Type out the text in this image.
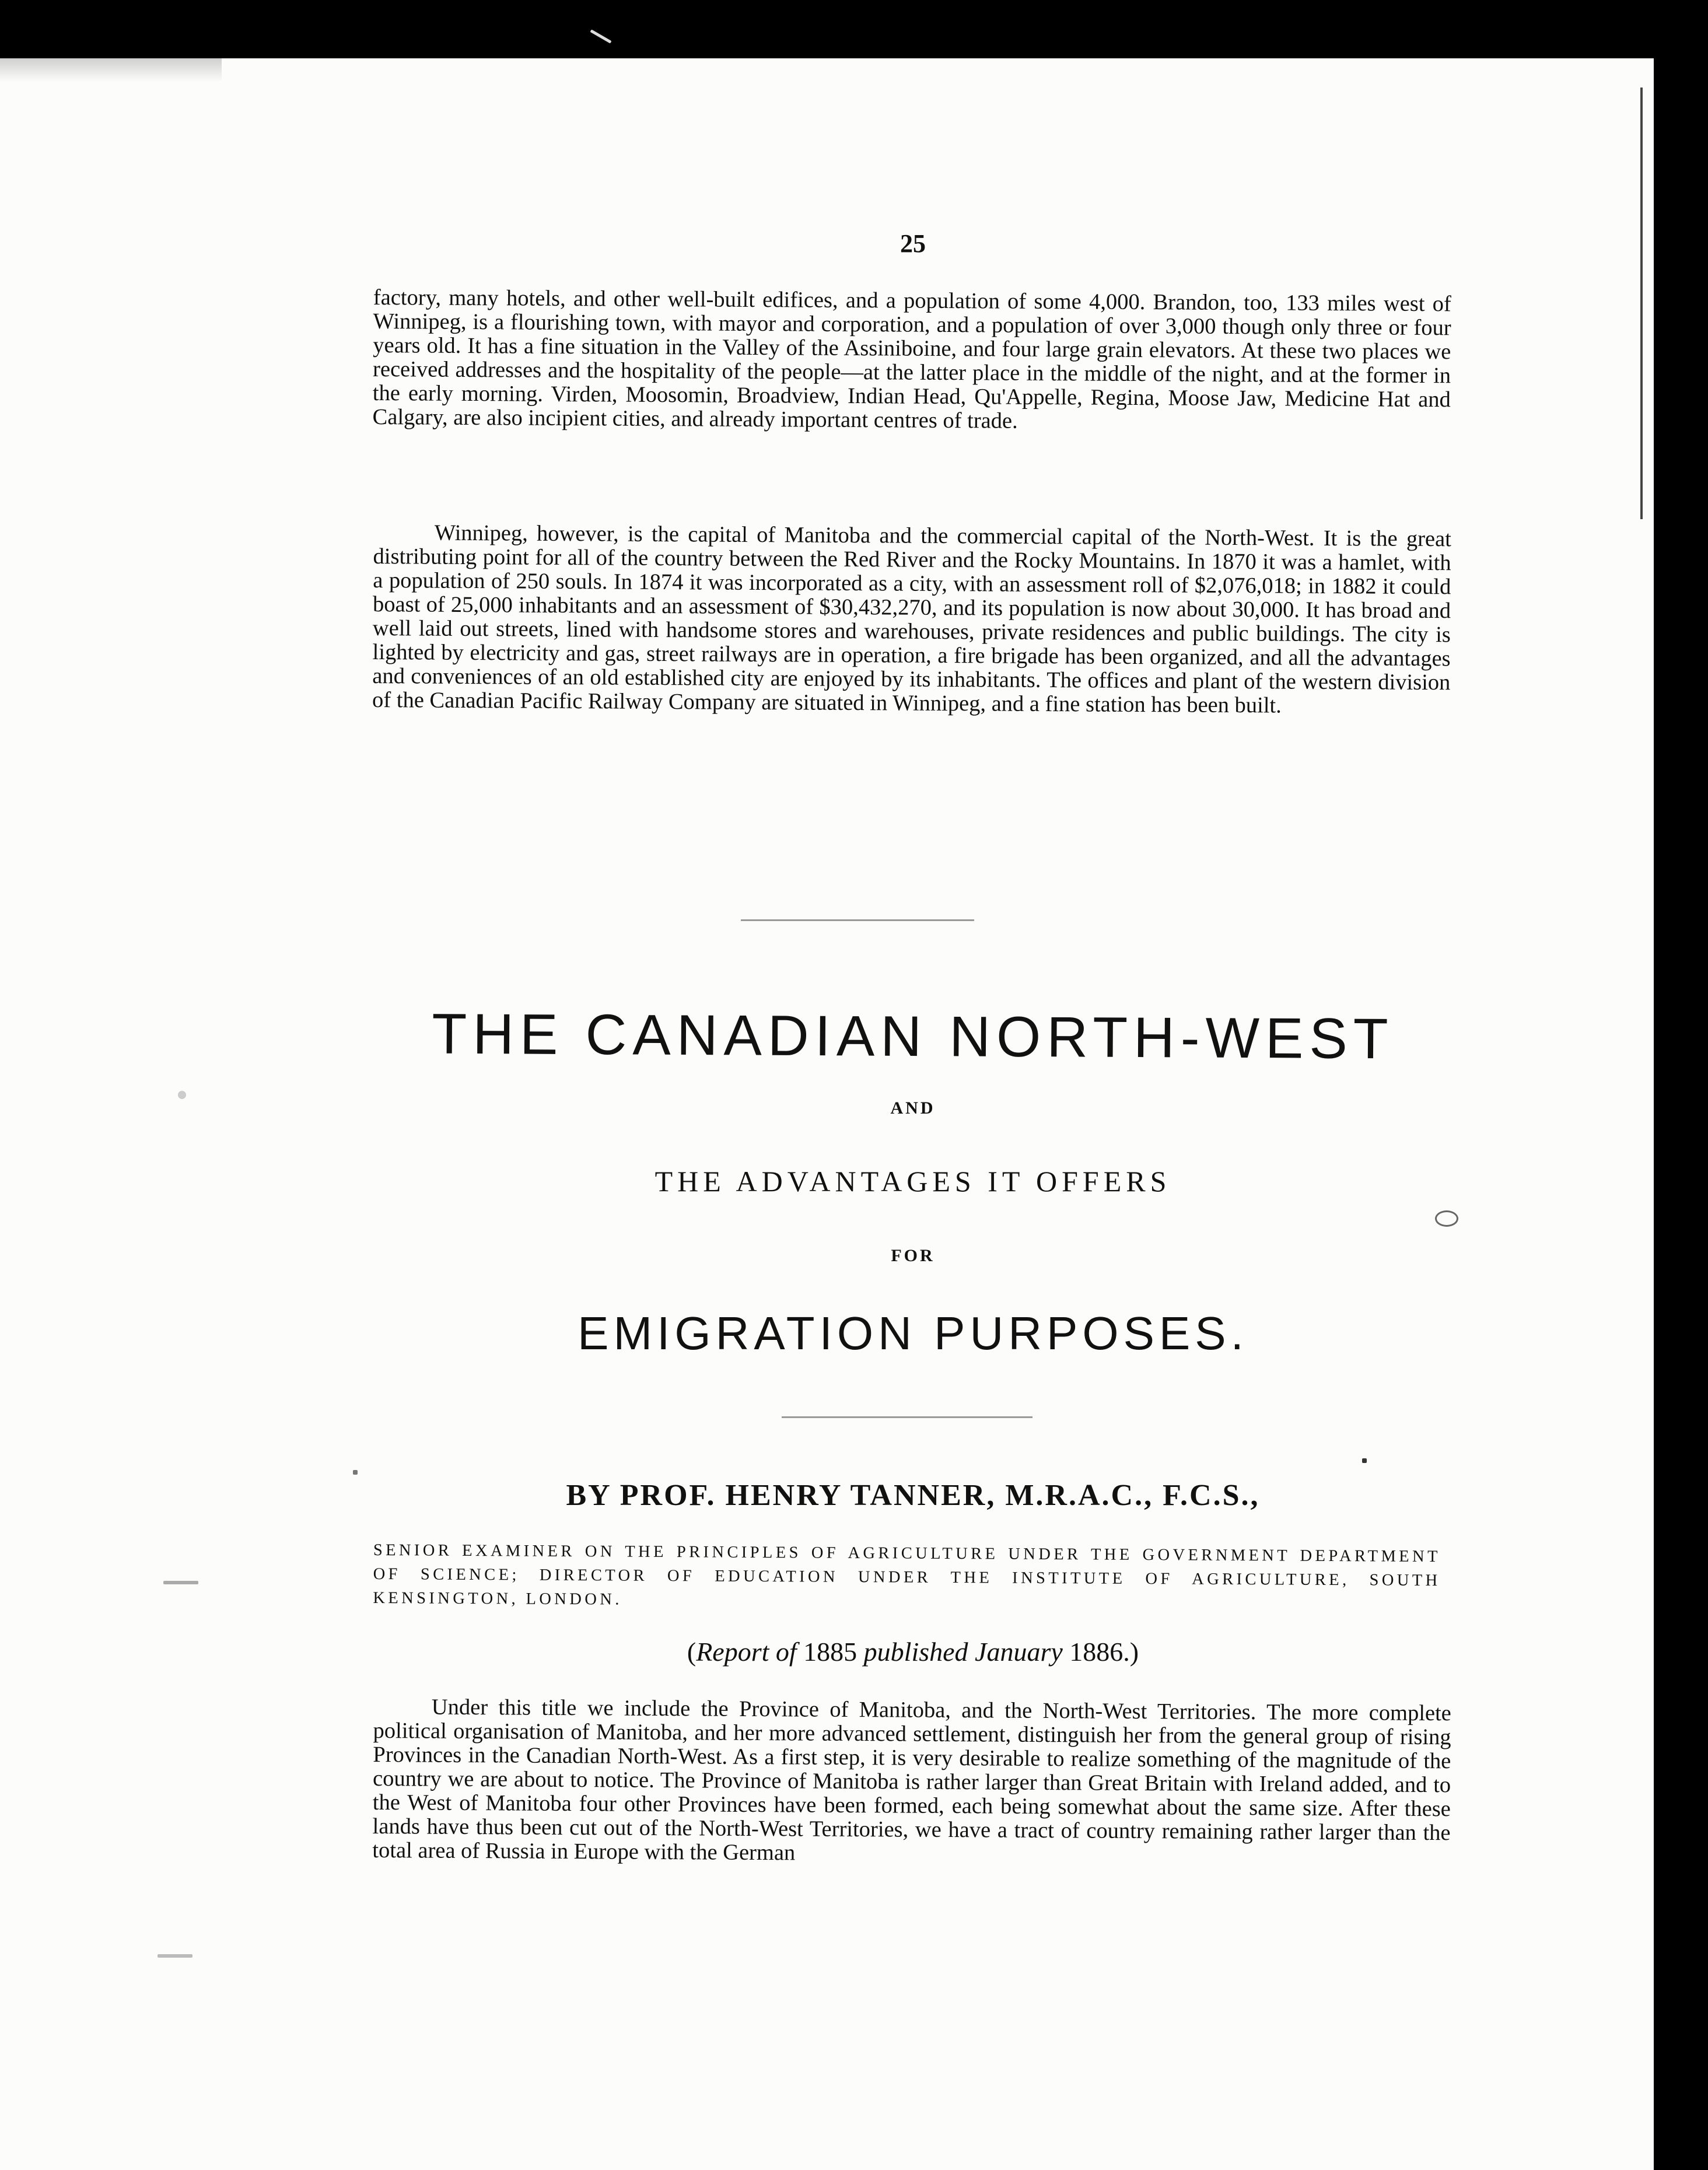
25

factory, many hotels, and other well-built edifices, and a population of some 4,000. Brandon, too, 133 miles west of Winnipeg, is a flourishing town, with mayor and corporation, and a population of over 3,000 though only three or four years old. It has a fine situation in the Valley of the Assiniboine, and four large grain elevators. At these two places we received addresses and the hospitality of the people—at the latter place in the middle of the night, and at the former in the early morning. Virden, Moosomin, Broadview, Indian Head, Qu'Appelle, Regina, Moose Jaw, Medicine Hat and Calgary, are also incipient cities, and already important centres of trade.

Winnipeg, however, is the capital of Manitoba and the commercial capital of the North-West. It is the great distributing point for all of the country between the Red River and the Rocky Mountains. In 1870 it was a hamlet, with a population of 250 souls. In 1874 it was incorporated as a city, with an assessment roll of $2,076,018; in 1882 it could boast of 25,000 inhabitants and an assessment of $30,432,270, and its population is now about 30,000. It has broad and well laid out streets, lined with handsome stores and warehouses, private residences and public buildings. The city is lighted by electricity and gas, street railways are in operation, a fire brigade has been organized, and all the advantages and conveniences of an old established city are enjoyed by its inhabitants. The offices and plant of the western division of the Canadian Pacific Railway Company are situated in Winnipeg, and a fine station has been built.

THE CANADIAN NORTH-WEST
AND
THE ADVANTAGES IT OFFERS
FOR
EMIGRATION PURPOSES.
BY PROF. HENRY TANNER, M.R.A.C., F.C.S.,
SENIOR EXAMINER ON THE PRINCIPLES OF AGRICULTURE UNDER THE GOVERNMENT DEPARTMENT OF SCIENCE; DIRECTOR OF EDUCATION UNDER THE INSTITUTE OF AGRICULTURE, SOUTH KENSINGTON, LONDON.
(Report of 1885 published January 1886.)

Under this title we include the Province of Manitoba, and the North-West Territories. The more complete political organisation of Manitoba, and her more advanced settlement, distinguish her from the general group of rising Provinces in the Canadian North-West. As a first step, it is very desirable to realize something of the magnitude of the country we are about to notice. The Province of Manitoba is rather larger than Great Britain with Ireland added, and to the West of Manitoba four other Provinces have been formed, each being somewhat about the same size. After these lands have thus been cut out of the North-West Territories, we have a tract of country remaining rather larger than the total area of Russia in Europe with the German
